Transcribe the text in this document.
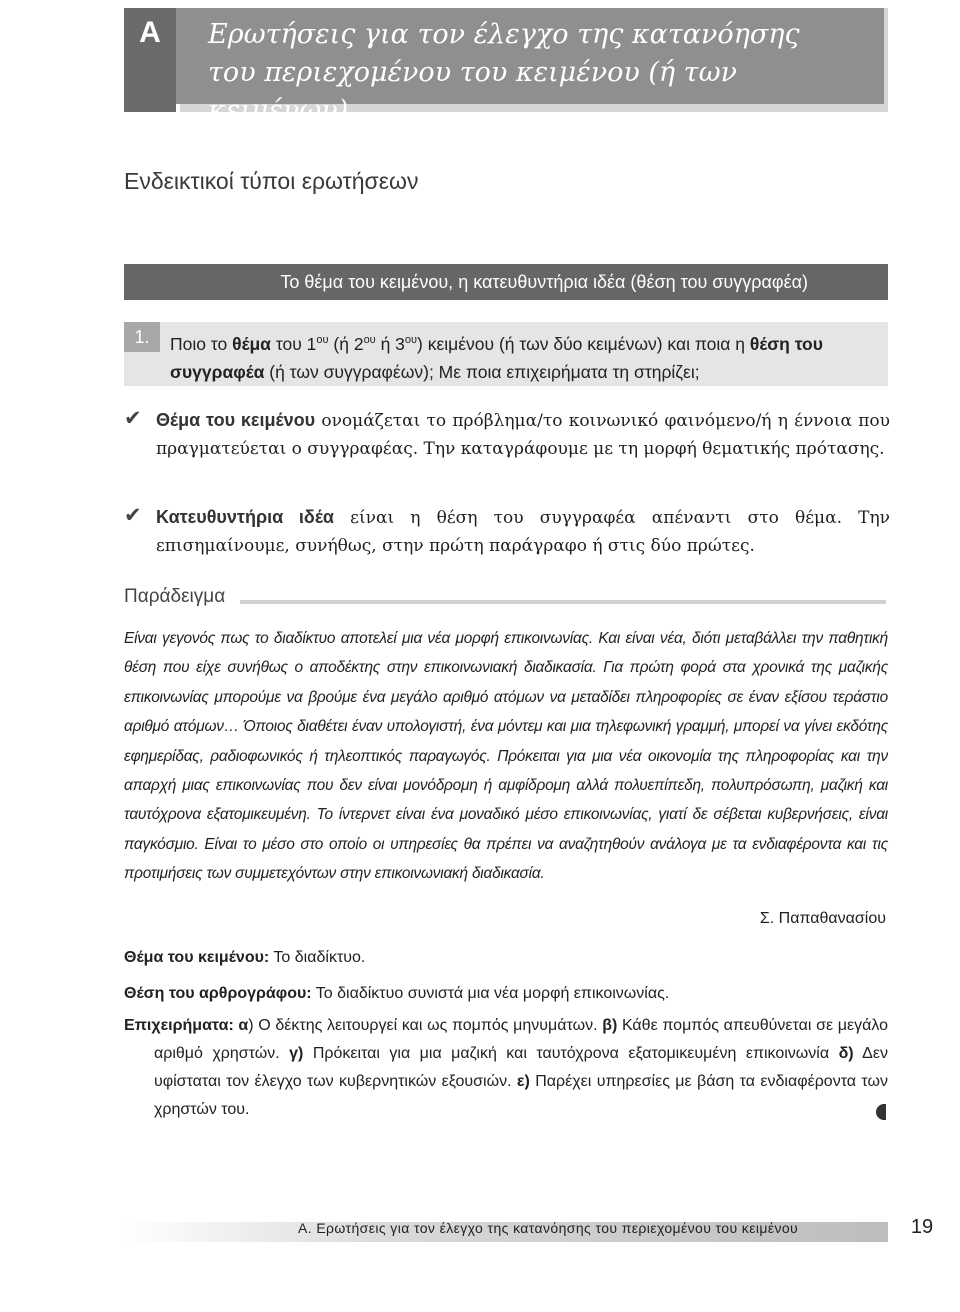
Α	Ερωτήσεις για τον έλεγχο της κατανόησης
του περιεχομένου του κειμένου (ή των κειμένων)
Ενδεικτικοί τύποι ερωτήσεων
Το θέμα του κειμένου, η κατευθυντήρια ιδέα (θέση του συγγραφέα)
1.	Ποιο το θέμα του $1^{o\upsilon}$ (ή $2^{o\upsilon}$ ή $3^{o\upsilon}$) κειμένου (ή των δύο κειμένων) και ποια η θέση του συγγραφέα (ή των συγγραφέων); Με ποια επιχειρήματα τη στηρίζει;
✔ Θέμα του κειμένου ονομάζεται το πρόβλημα/το κοινωνικό φαινόμενο/ή η έννοια που πραγματεύεται ο συγγραφέας. Την καταγράφουμε με τη μορφή θεματικής πρότασης.
✔ Κατευθυντήρια ιδέα είναι η θέση του συγγραφέα απέναντι στο θέμα. Την επισημαίνουμε, συνήθως, στην πρώτη παράγραφο ή στις δύο πρώτες.
Παράδειγμα
Είναι γεγονός πως το διαδίκτυο αποτελεί μια νέα μορφή επικοινωνίας. Και είναι νέα, διότι μεταβάλλει την παθητική θέση που είχε συνήθως ο αποδέκτης στην επικοινωνιακή διαδικασία. Για πρώτη φορά στα χρονικά της μαζικής επικοινωνίας μπορούμε να βρούμε ένα μεγάλο αριθμό ατόμων να μεταδίδει πληροφορίες σε έναν εξίσου τεράστιο αριθμό ατόμων… Όποιος διαθέτει έναν υπολογιστή, ένα μόντεμ και μια τηλεφωνική γραμμή, μπορεί να γίνει εκδότης εφημερίδας, ραδιοφωνικός ή τηλεοπτικός παραγωγός. Πρόκειται για μια νέα οικονομία της πληροφορίας και την απαρχή μιας επικοινωνίας που δεν είναι μονόδρομη ή αμφίδρομη αλλά πολυεπίπεδη, πολυπρόσωπη, μαζική και ταυτόχρονα εξατομικευμένη. Το ίντερνετ είναι ένα μοναδικό μέσο επικοινωνίας, γιατί δε σέβεται κυβερνήσεις, είναι παγκόσμιο. Είναι το μέσο στο οποίο οι υπηρεσίες θα πρέπει να αναζητηθούν ανάλογα με τα ενδιαφέροντα και τις προτιμήσεις των συμμετεχόντων στην επικοινωνιακή διαδικασία.
Σ. Παπαθανασίου
Θέμα του κειμένου: Το διαδίκτυο.
Θέση του αρθρογράφου: Το διαδίκτυο συνιστά μια νέα μορφή επικοινωνίας.
Επιχειρήματα: α) Ο δέκτης λειτουργεί και ως πομπός μηνυμάτων. β) Κάθε πομπός απευθύνεται σε μεγάλο αριθμό χρηστών. γ) Πρόκειται για μια μαζική και ταυτόχρονα εξατομικευμένη επικοινωνία δ) Δεν υφίσταται τον έλεγχο των κυβερνητικών εξουσιών. ε) Παρέχει υπηρεσίες με βάση τα ενδιαφέροντα των χρηστών του.
Α. Ερωτήσεις για τον έλεγχο της κατανόησης του περιεχομένου του κειμένου	19
